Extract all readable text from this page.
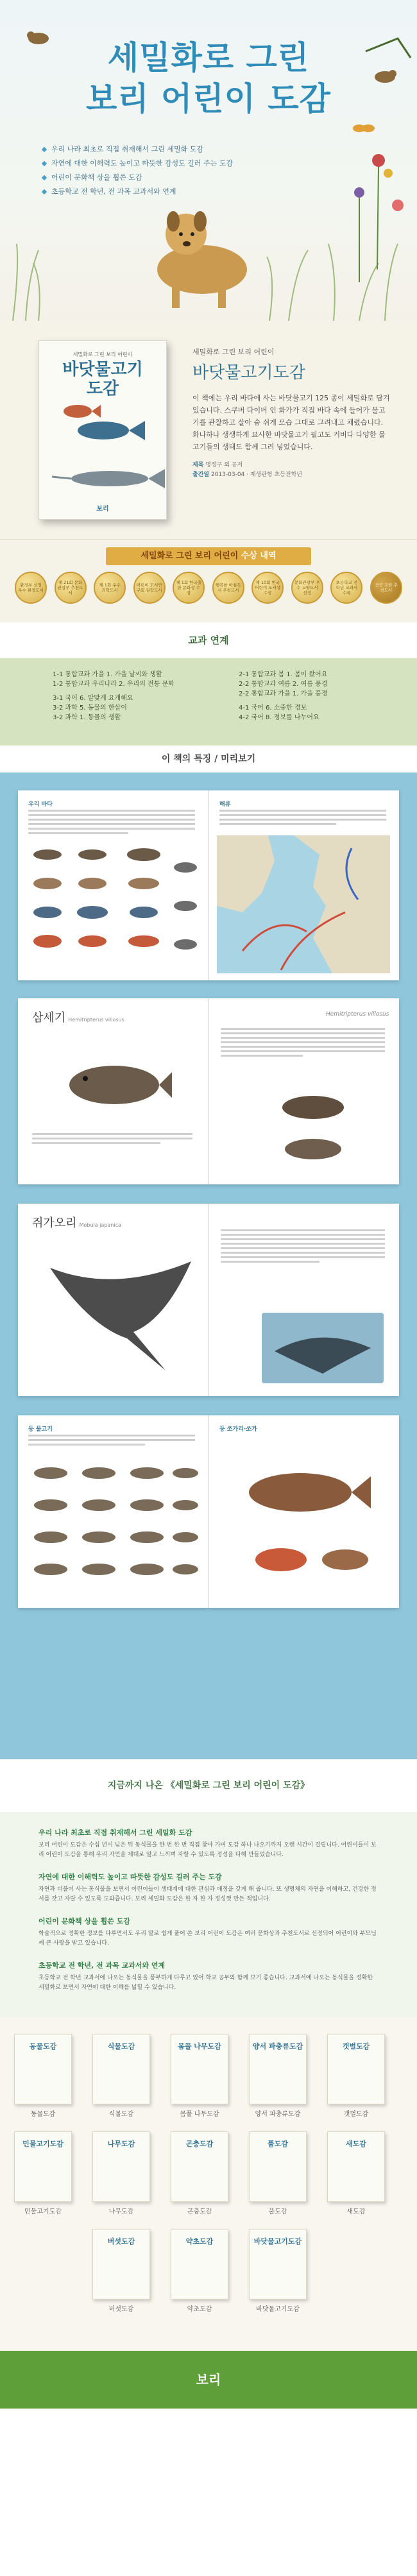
세밀화로 그린
보리 어린이 도감
우리 나라 최초로 직접 취재해서 그린 세밀화 도감
자연에 대한 이해력도 높이고 따뜻한 감성도 길러 주는 도감
어린이 문화책 상을 휩쓴 도감
초등학교 전 학년, 전 과목 교과서와 연계
세밀화로 그린 보리 어린이
바닷물고기
도감
보리
세밀화로 그린 보리 어린이
바닷물고기도감

이 책에는 우리 바다에 사는 바닷물고기 125 종이 세밀화로 담겨 있습니다. 스쿠버 다이버 인 화가가 직접 바다 속에 들어가 물고기를 관찰하고 살아 숨 쉬게 모습 그대로 그려내고 채렸습니다. 화나하나 생생하게 묘사한 바닷물고기 필고도 커버다 다양한 물고기들의 생태도 함께 그려 넣었습니다.

제목 명정구 외 공저
출간일 2013-03-04 · 재생판형 초등전학년
세밀화로 그린 보리 어린이 수상 내역
환경부 선정 우수 환경도서
제 21회 문화관광부 추천도서
제 1회 우수 과학도서
어린이 도서연구회 권장도서
제 1회 한국출판 문화상 수상
행복한 아침독서 추천도서
제 10회 한국어린이 도서상 수상
문화관광부 우수 교양도서 선정
초등학교 전 학년 교과서 수록
전국 교원 추천도서
교과 연계
1-1 통합교과 가을 1. 가을 날씨와 생활
1-2 통합교과 우리나라 2. 우리의 전통 문화
3-1 국어 6. 알맞게 요개해요
3-2 과학 5. 동물의 한살이
3-2 과학 1. 동물의 생활
2-1 통합교과 봄 1. 봄이 왔어요
2-2 통합교과 여름 2. 여름 풍경
2-2 통합교과 가을 1. 가을 풍경
4-1 국어 6. 소중한 경보
4-2 국어 8. 정보를 나누어요
이 책의 특징 / 미리보기
우리 바다	해류
삼세기 Hemitripterus villosus
Hemitripterus villosus
쥐가오리 Mobula japanica
둥 물고기	둥 쏘가리·쏘가
지금까지 나온 《세밀화로 그린 보리 어린이 도감》
우리 나라 최초로 직접 취재해서 그린 세밀화 도감
보리 어린이 도감은 수십 년이 넘은 뒤 동식물을 한 번 한 번 직접 찾아 가며 도감 하나 나오기까지 오랜 시간이 걸립니다. 어린이들이 보리 어린이 도감을 통해 우리 자연을 제대로 알고 느끼며 자랄 수 있도록 정성을 다해 만들었습니다.
자연에 대한 이해력도 높이고 따뜻한 감성도 길러 주는 도감
자연과 더불어 사는 동식물을 보면서 어린이들이 생태계에 대한 관심과 애정을 갖게 해 줍니다. 또 생명체의 자연을 이해하고, 건강한 정서를 갖고 자랄 수 있도록 도와줍니다. 보리 세밀화 도감은 한 자 한 자 정성껏 만든 책입니다.
어린이 문화책 상을 휩쓴 도감
학술적으로 정확한 정보를 다루면서도 우리 말로 쉽게 풀어 쓴 보리 어린이 도감은 여러 문화상과 추천도서로 선정되어 어린이와 부모님께 큰 사랑을 받고 있습니다.
초등학교 전 학년, 전 과목 교과서와 연계
초등학교 전 학년 교과서에 나오는 동식물을 풍부하게 다루고 있어 학교 공부와 함께 보기 좋습니다. 교과서에 나오는 동식물을 정확한 세밀화로 보면서 자연에 대한 이해를 넓힐 수 있습니다.
동물도감
동물도감
식물도감
식물도감
몸풀 나무도감
몸풀 나무도감
양서 파충류도감
양서 파충류도감
갯벌도감
갯벌도감
민물고기도감
민물고기도감
나무도감
나무도감
곤충도감
곤충도감
풀도감
풀도감
새도감
새도감
버섯도감
버섯도감
약초도감
약초도감
바닷물고기도감
바닷물고기도감
보리
